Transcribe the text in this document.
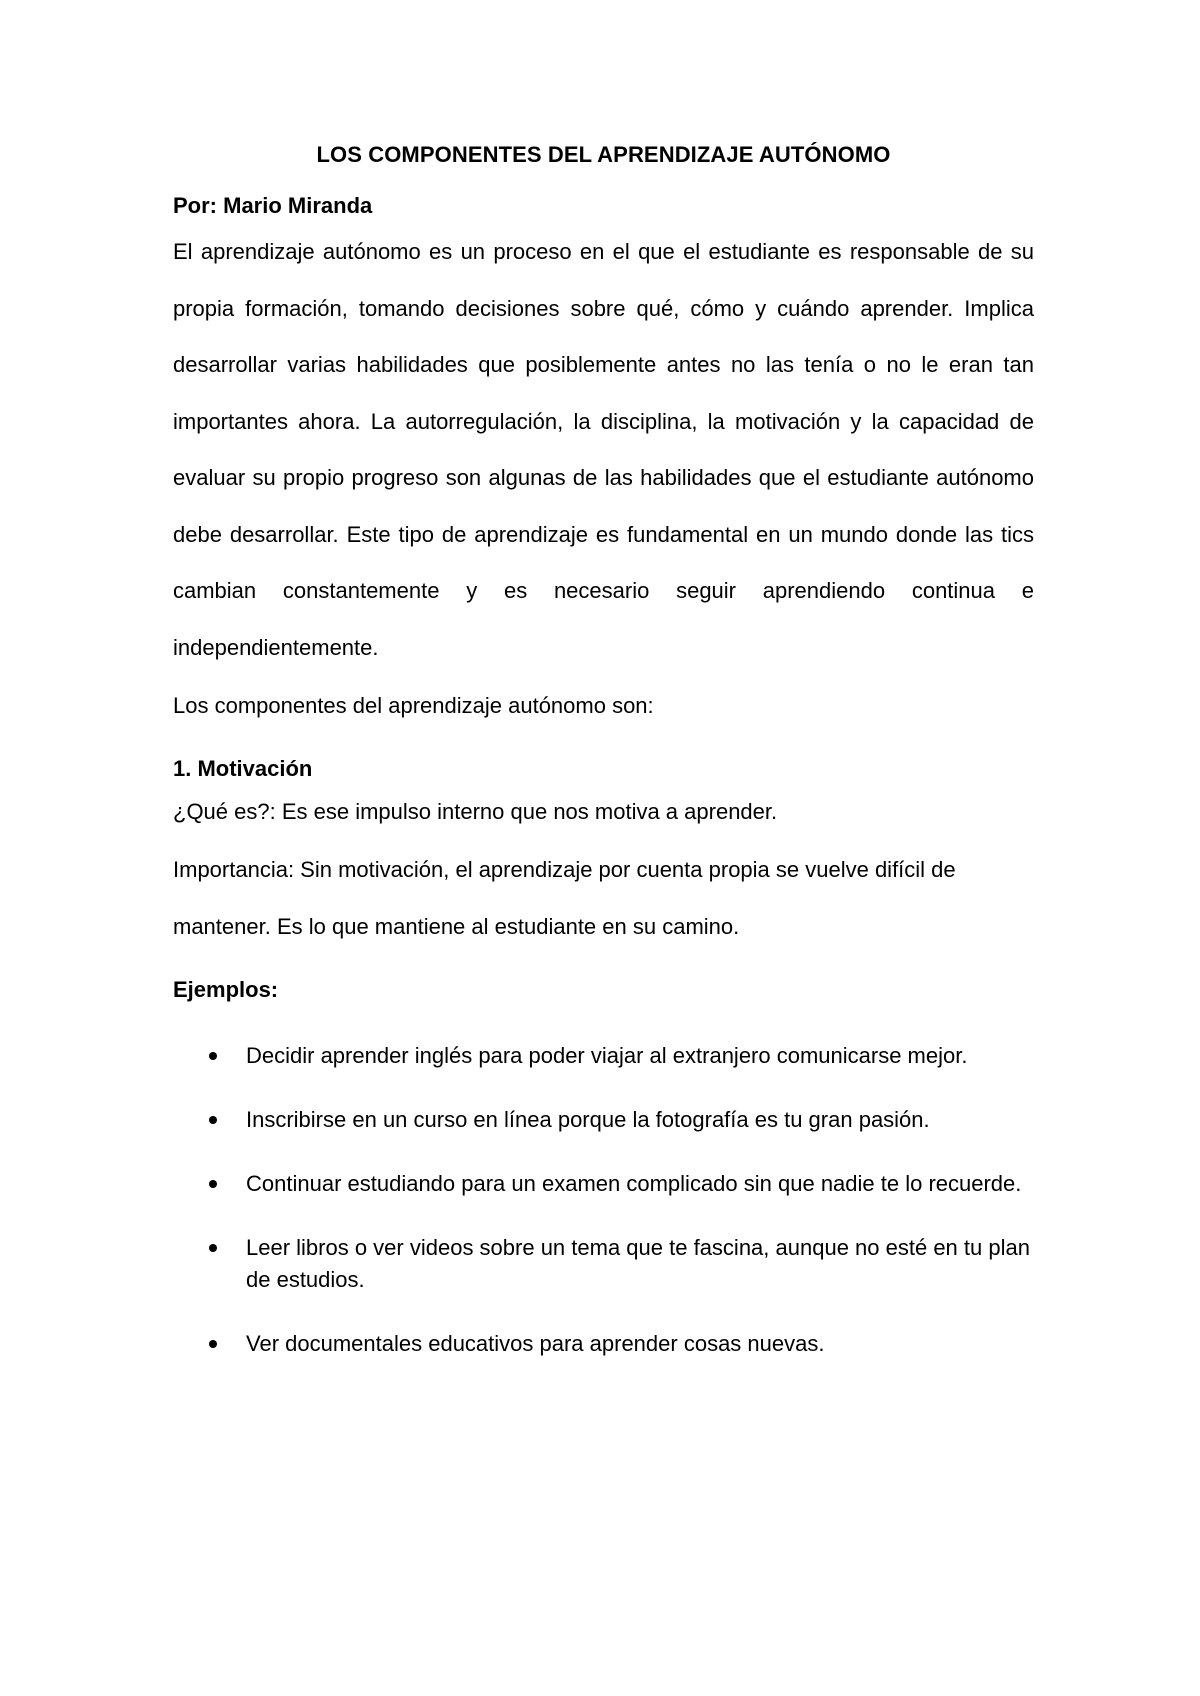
LOS COMPONENTES DEL APRENDIZAJE AUTÓNOMO

Por: Mario Miranda

El aprendizaje autónomo es un proceso en el que el estudiante es responsable de su propia formación, tomando decisiones sobre qué, cómo y cuándo aprender. Implica desarrollar varias habilidades que posiblemente antes no las tenía o no le eran tan importantes ahora. La autorregulación, la disciplina, la motivación y la capacidad de evaluar su propio progreso son algunas de las habilidades que el estudiante autónomo debe desarrollar. Este tipo de aprendizaje es fundamental en un mundo donde las tics cambian constantemente y es necesario seguir aprendiendo continua e independientemente.

Los componentes del aprendizaje autónomo son:

1. Motivación

¿Qué es?: Es ese impulso interno que nos motiva a aprender.

Importancia: Sin motivación, el aprendizaje por cuenta propia se vuelve difícil de mantener. Es lo que mantiene al estudiante en su camino.

Ejemplos:

Decidir aprender inglés para poder viajar al extranjero comunicarse mejor.
Inscribirse en un curso en línea porque la fotografía es tu gran pasión.
Continuar estudiando para un examen complicado sin que nadie te lo recuerde.
Leer libros o ver videos sobre un tema que te fascina, aunque no esté en tu plan de estudios.
Ver documentales educativos para aprender cosas nuevas.
